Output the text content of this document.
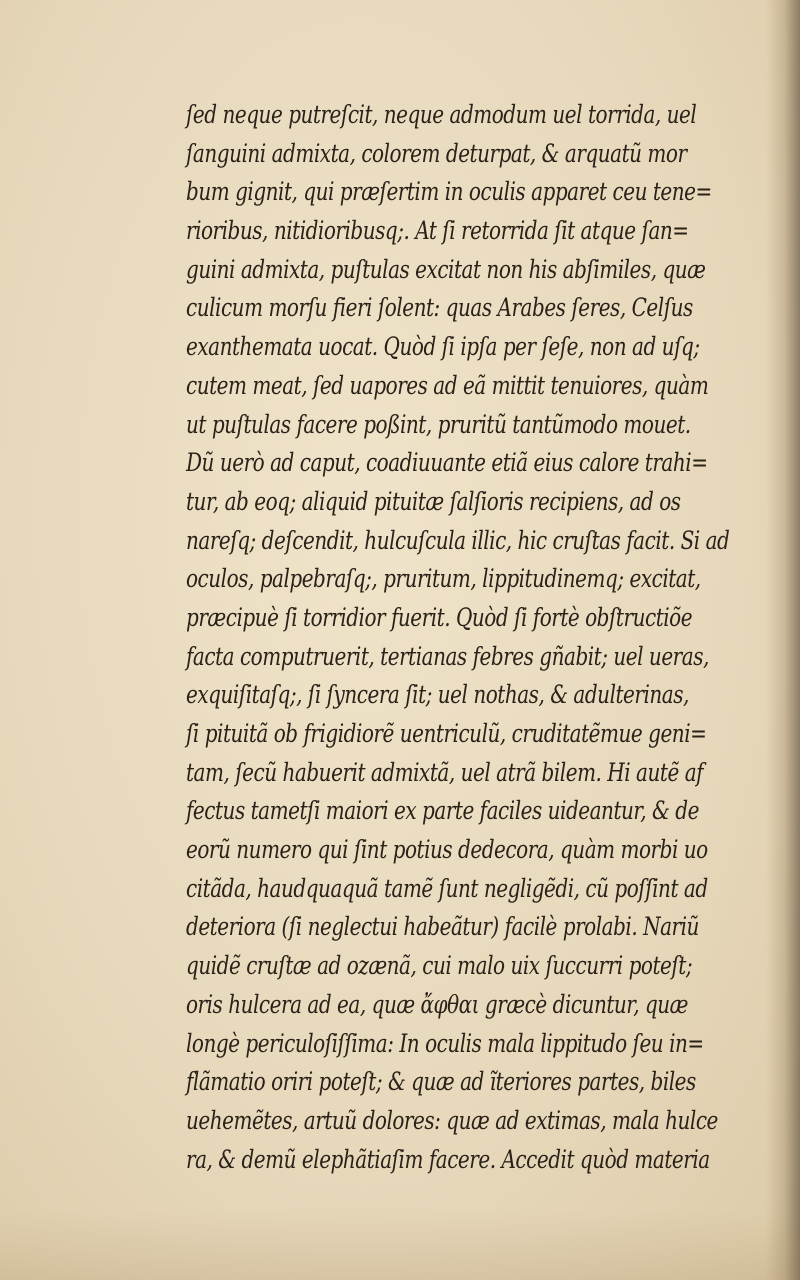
ſed neque putreſcit, neque admodum uel torrida, uel
ſanguini admixta, colorem deturpat, & arquatũ mor
bum gignit, qui præſertim in oculis apparet ceu tene=
rioribus, nitidioribusq;. At ſi retorrida ſit atque ſan=
guini admixta, puſtulas excitat non his abſimiles, quæ
culicum morſu fieri ſolent: quas Arabes ſeres, Celſus
exanthemata uocat. Quòd ſi ipſa per ſeſe, non ad uſq;
cutem meat, ſed uapores ad eã mittit tenuiores, quàm
ut puſtulas facere poßint, pruritũ tantũmodo mouet.
Dũ uerò ad caput, coadiuuante etiã eius calore trahi=
tur, ab eoq; aliquid pituitæ ſalſioris recipiens, ad os
nareſq; deſcendit, hulcuſcula illic, hic cruſtas facit. Si ad
oculos, palpebraſq;, pruritum, lippitudinemq; excitat,
præcipuè ſi torridior fuerit. Quòd ſi fortè obſtructiõe
facta computruerit, tertianas febres gñabit; uel ueras,
exquiſitaſq;, ſi ſyncera ſit; uel nothas, & adulterinas,
ſi pituitã ob frigidiorẽ uentriculũ, cruditatẽmue geni=
tam, ſecũ habuerit admixtã, uel atrã bilem. Hi autẽ af
fectus tametſi maiori ex parte faciles uideantur, & de
eorũ numero qui ſint potius dedecora, quàm morbi uo
citãda, haudquaquã tamẽ ſunt negligẽdi, cũ poſſint ad
deteriora (ſi neglectui habeãtur) facilè prolabi. Nariũ
quidẽ cruſtæ ad ozænã, cui malo uix ſuccurri poteſt;
oris hulcera ad ea, quæ ἄφθαι græcè dicuntur, quæ
longè periculoſiſſima: In oculis mala lippitudo ſeu in=
flãmatio oriri poteſt; & quæ ad ĩteriores partes, biles
uehemẽtes, artuũ dolores: quæ ad extimas, mala hulce
ra, & demũ elephãtiaſim facere. Accedit quòd materia
